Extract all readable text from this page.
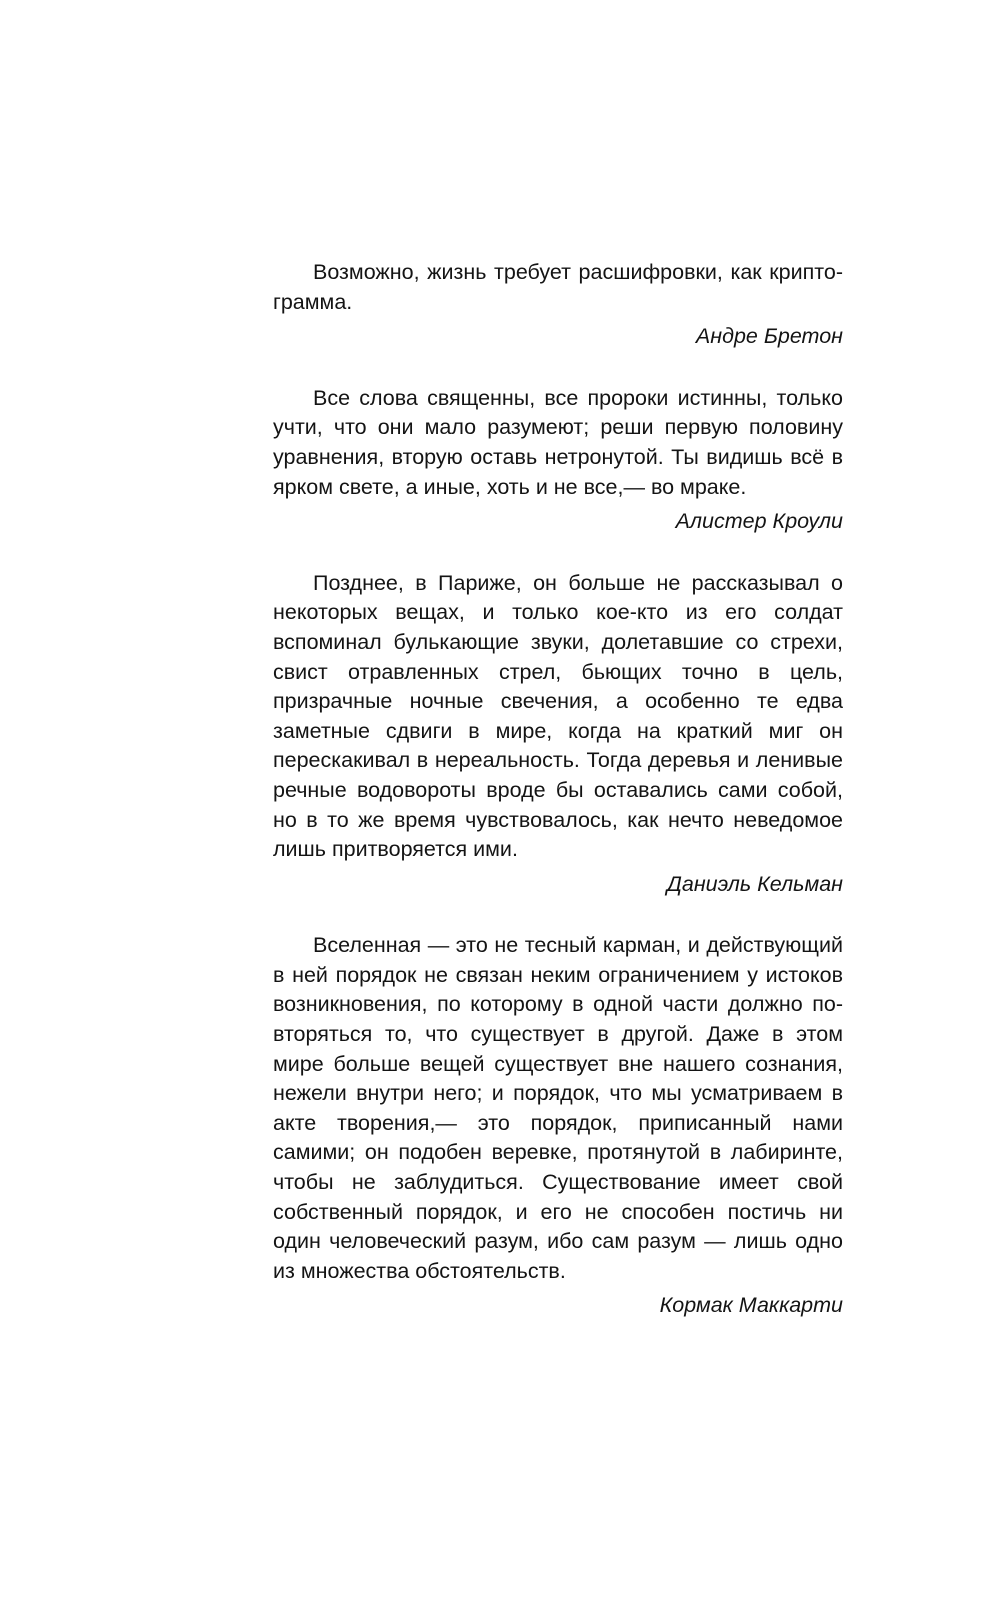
Возможно, жизнь требует расшифровки, как криптограмма.

Андре Бретон

Все слова священны, все пророки истинны, только учти, что они мало разумеют; реши первую половину уравнения, вторую оставь нетронутой. Ты видишь всё в ярком свете, а иные, хоть и не все,— во мраке.

Алистер Кроули

Позднее, в Париже, он больше не рассказывал о некоторых вещах, и только кое-кто из его солдат вспоминал булькающие звуки, долетавшие со стрехи, свист отравленных стрел, бьющих точно в цель, призрачные ночные свечения, а особенно те едва заметные сдвиги в мире, когда на краткий миг он перескакивал в нереальность. Тогда деревья и ленивые речные водовороты вроде бы оставались сами собой, но в то же время чувствовалось, как нечто неведомое лишь притворяется ими.

Даниэль Кельман

Вселенная — это не тесный карман, и действующий в ней порядок не связан неким ограничением у истоков возникновения, по которому в одной части должно повторяться то, что существует в другой. Даже в этом мире больше вещей существует вне нашего сознания, нежели внутри него; и порядок, что мы усматриваем в акте творения,— это порядок, приписанный нами самими; он подобен веревке, протянутой в лабиринте, чтобы не заблудиться. Существование имеет свой собственный порядок, и его не способен постичь ни один человеческий разум, ибо сам разум — лишь одно из множества обстоятельств.

Кормак Маккарти
